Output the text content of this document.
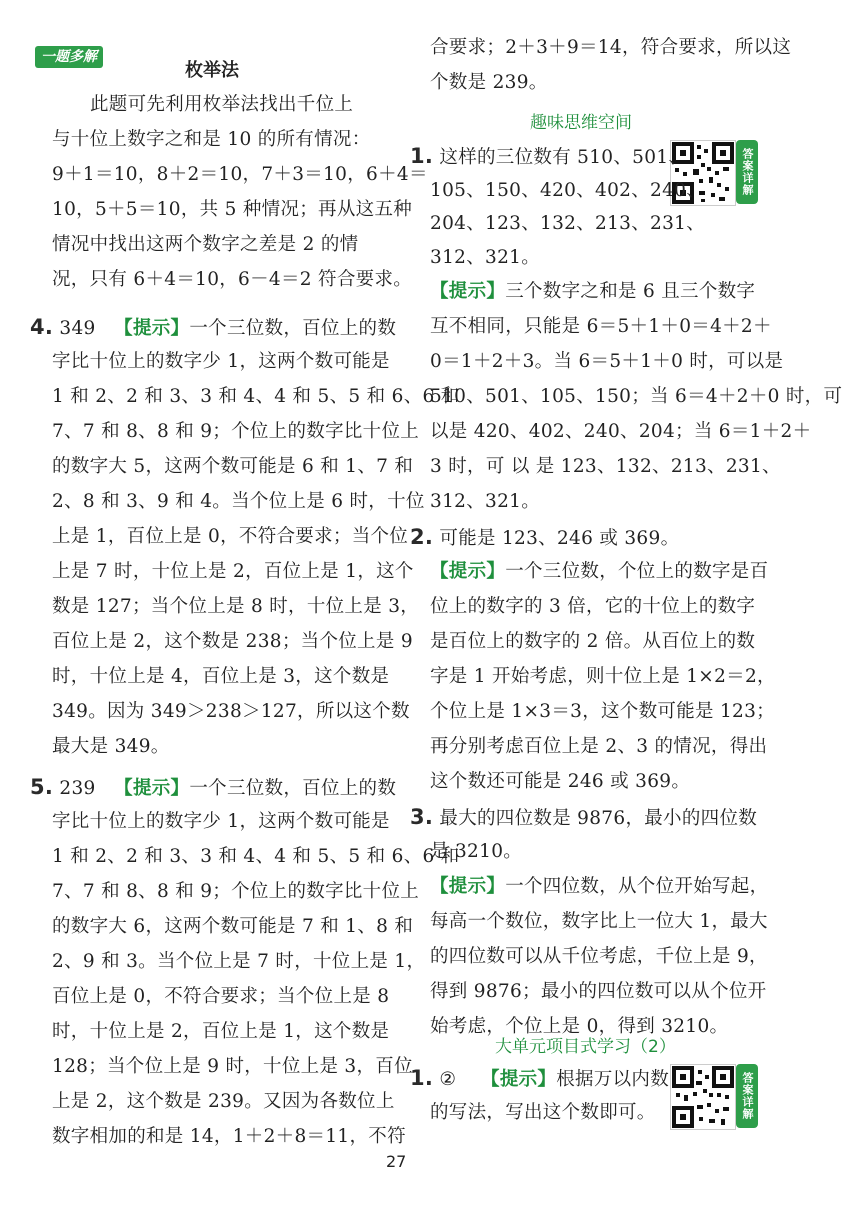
一题多解
枚举法
此题可先利用枚举法找出千位上
与十位上数字之和是 10 的所有情况：
9＋1＝10，8＋2＝10，7＋3＝10，6＋4＝
10，5＋5＝10，共 5 种情况；再从这五种
情况中找出这两个数字之差是 2 的情
况，只有 6＋4＝10，6－4＝2 符合要求。
4. 349 【提示】一个三位数，百位上的数
字比十位上的数字少 1，这两个数可能是
1 和 2、2 和 3、3 和 4、4 和 5、5 和 6、6 和
7、7 和 8、8 和 9；个位上的数字比十位上
的数字大 5，这两个数可能是 6 和 1、7 和
2、8 和 3、9 和 4。当个位上是 6 时，十位
上是 1，百位上是 0，不符合要求；当个位
上是 7 时，十位上是 2，百位上是 1，这个
数是 127；当个位上是 8 时，十位上是 3，
百位上是 2，这个数是 238；当个位上是 9
时，十位上是 4，百位上是 3，这个数是
349。因为 349＞238＞127，所以这个数
最大是 349。
5. 239 【提示】一个三位数，百位上的数
字比十位上的数字少 1，这两个数可能是
1 和 2、2 和 3、3 和 4、4 和 5、5 和 6、6 和
7、7 和 8、8 和 9；个位上的数字比十位上
的数字大 6，这两个数可能是 7 和 1、8 和
2、9 和 3。当个位上是 7 时，十位上是 1，
百位上是 0，不符合要求；当个位上是 8
时，十位上是 2，百位上是 1，这个数是
128；当个位上是 9 时，十位上是 3，百位
上是 2，这个数是 239。又因为各数位上
数字相加的和是 14，1＋2＋8＝11，不符
合要求；2＋3＋9＝14，符合要求，所以这
个数是 239。
趣味思维空间
答案详解
1. 这样的三位数有 510、501、
105、150、420、402、240、
204、123、132、213、231、
312、321。
【提示】三个数字之和是 6 且三个数字
互不相同，只能是 6＝5＋1＋0＝4＋2＋
0＝1＋2＋3。当 6＝5＋1＋0 时，可以是
510、501、105、150；当 6＝4＋2＋0 时，可
以是 420、402、240、204；当 6＝1＋2＋
3 时，可 以 是 123、132、213、231、
312、321。
2. 可能是 123、246 或 369。
【提示】一个三位数，个位上的数字是百
位上的数字的 3 倍，它的十位上的数字
是百位上的数字的 2 倍。从百位上的数
字是 1 开始考虑，则十位上是 1×2＝2，
个位上是 1×3＝3，这个数可能是 123；
再分别考虑百位上是 2、3 的情况，得出
这个数还可能是 246 或 369。
3. 最大的四位数是 9876，最小的四位数
是 3210。
【提示】一个四位数，从个位开始写起，
每高一个数位，数字比上一位大 1，最大
的四位数可以从千位考虑，千位上是 9，
得到 9876；最小的四位数可以从个位开
始考虑，个位上是 0，得到 3210。
大单元项目式学习（2）
答案详解
1. ② 【提示】根据万以内数
的写法，写出这个数即可。
27
